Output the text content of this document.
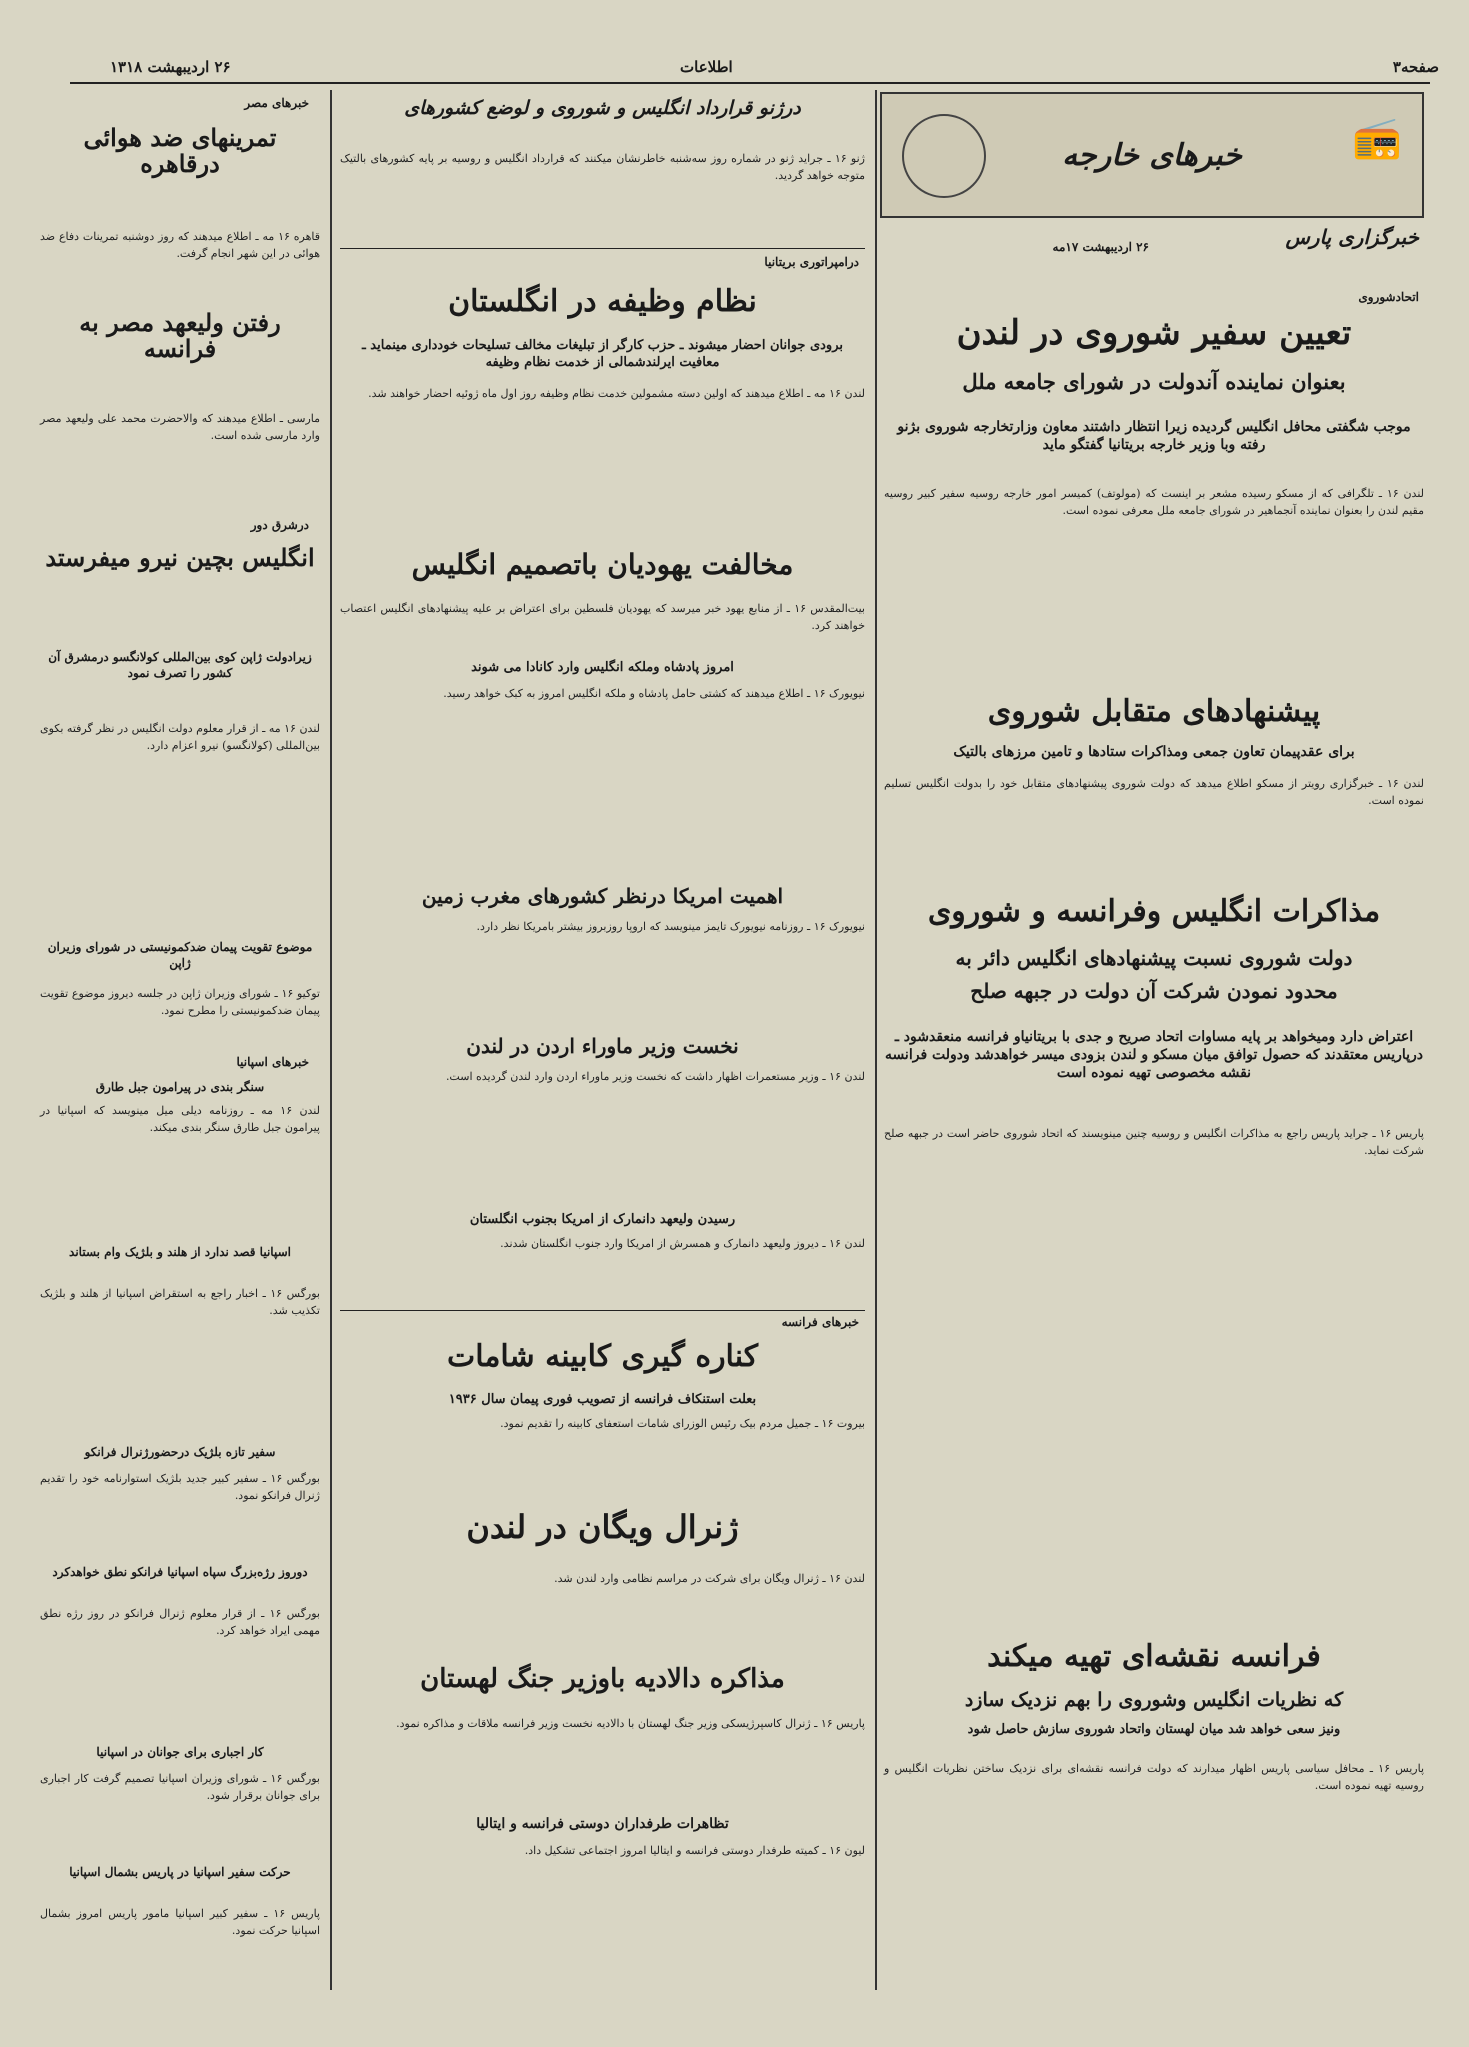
صفحه۳
اطلاعات
۲۶ اردیبهشت ۱۳۱۸
خبرهای خارجه	📻
خبرگزاری پارس
۲۶ اردیبهشت ۱۷مه
اتحادشوروی
تعیین سفیر شوروی در لندن
بعنوان نماینده آندولت در شورای جامعه ملل
موجب شگفتی محافل انگلیس گردیده زیرا انتظار داشتند معاون وزارتخارجه شوروی بژنو رفته وبا وزیر خارجه بریتانیا گفتگو ماید
لندن ۱۶ ـ تلگرافی که از مسکو رسیده مشعر بر اینست که (مولوتف) کمیسر امور خارجه روسیه سفیر کبیر روسیه مقیم لندن را بعنوان نماینده آنجماهیر در شورای جامعه ملل معرفی نموده است.
پیشنهادهای متقابل شوروی
برای عقدپیمان تعاون جمعی ومذاکرات ستادها و تامین مرزهای بالتیک
لندن ۱۶ ـ خبرگزاری رویتر از مسکو اطلاع میدهد که دولت شوروی پیشنهادهای متقابل خود را بدولت انگلیس تسلیم نموده است.
مذاکرات انگلیس وفرانسه و شوروی
دولت شوروی نسبت پیشنهادهای انگلیس دائر به
محدود نمودن شرکت آن دولت در جبهه صلح
اعتراض دارد ومیخواهد بر پایه مساوات اتحاد صریح و جدی با بریتانیاو فرانسه منعقدشود ـ درپاریس معتقدند که حصول توافق میان مسکو و لندن بزودی میسر خواهدشد ودولت فرانسه نقشه مخصوصی تهیه نموده است
پاریس ۱۶ ـ جراید پاریس راجع به مذاکرات انگلیس و روسیه چنین مینویسند که اتحاد شوروی حاضر است در جبهه صلح شرکت نماید.
فرانسه نقشه‌ای تهیه میکند
که نظریات انگلیس وشوروی را بهم نزدیک سازد
ونیز سعی خواهد شد میان لهستان واتحاد شوروی سازش حاصل شود
پاریس ۱۶ ـ محافل سیاسی پاریس اظهار میدارند که دولت فرانسه نقشه‌ای برای نزدیک ساختن نظریات انگلیس و روسیه تهیه نموده است.
درژنو قرارداد انگلیس و شوروی و لوضع کشورهای
ژنو ۱۶ ـ جراید ژنو در شماره روز سه‌شنبه خاطرنشان میکنند که قرارداد انگلیس و روسیه بر پایه کشورهای بالتیک متوجه خواهد گردید.
درامپراتوری بریتانیا
نظام وظیفه در انگلستان
برودی جوانان احضار میشوند ـ حزب کارگر از تبلیغات مخالف تسلیحات خودداری مینماید ـ معافیت ایرلندشمالی از خدمت نظام وظیفه
لندن ۱۶ مه ـ اطلاع میدهند که اولین دسته مشمولین خدمت نظام وظیفه روز اول ماه ژوئیه احضار خواهند شد.
مخالفت یهودیان باتصمیم انگلیس
بیت‌المقدس ۱۶ ـ از منابع یهود خبر میرسد که یهودیان فلسطین برای اعتراض بر علیه پیشنهادهای انگلیس اعتصاب خواهند کرد.
امروز پادشاه وملکه انگلیس وارد کانادا می شوند
نیویورک ۱۶ ـ اطلاع میدهند که کشتی حامل پادشاه و ملکه انگلیس امروز به کبک خواهد رسید.
اهمیت امریکا درنظر کشورهای مغرب زمین
نیویورک ۱۶ ـ روزنامه نیویورک تایمز مینویسد که اروپا روزبروز بیشتر بامریکا نظر دارد.
نخست وزیر ماوراء اردن در لندن
لندن ۱۶ ـ وزیر مستعمرات اظهار داشت که نخست وزیر ماوراء اردن وارد لندن گردیده است.
رسیدن ولیعهد دانمارک از امریکا بجنوب انگلستان
لندن ۱۶ ـ دیروز ولیعهد دانمارک و همسرش از امریکا وارد جنوب انگلستان شدند.
خبرهای فرانسه
کناره گیری کابینه شامات
بعلت استنکاف فرانسه از تصویب فوری پیمان سال ۱۹۳۶
بیروت ۱۶ ـ جمیل مردم بیک رئیس الوزرای شامات استعفای کابینه را تقدیم نمود.
ژنرال ویگان در لندن
لندن ۱۶ ـ ژنرال ویگان برای شرکت در مراسم نظامی وارد لندن شد.
مذاکره دالادیه باوزیر جنگ لهستان
پاریس ۱۶ ـ ژنرال کاسپرژیسکی وزیر جنگ لهستان با دالادیه نخست وزیر فرانسه ملاقات و مذاکره نمود.
تظاهرات طرفداران دوستی فرانسه و ایتالیا
لیون ۱۶ ـ کمیته طرفدار دوستی فرانسه و ایتالیا امروز اجتماعی تشکیل داد.
خبرهای مصر
تمرینهای ضد هوائی درقاهره
قاهره ۱۶ مه ـ اطلاع میدهند که روز دوشنبه تمرینات دفاع ضد هوائی در این شهر انجام گرفت.
رفتن ولیعهد مصر به فرانسه
مارسی ـ اطلاع میدهند که والاحضرت محمد علی ولیعهد مصر وارد مارسی شده است.
درشرق دور
انگلیس بچین نیرو میفرستد
زیرادولت ژاپن کوی بین‌المللی کولانگسو درمشرق آن کشور را تصرف نمود
لندن ۱۶ مه ـ از قرار معلوم دولت انگلیس در نظر گرفته بکوی بین‌المللی (کولانگسو) نیرو اعزام دارد.
موضوع تقویت پیمان ضدکمونیستی در شورای وزیران ژاپن
توکیو ۱۶ ـ شورای وزیران ژاپن در جلسه دیروز موضوع تقویت پیمان ضدکمونیستی را مطرح نمود.
خبرهای اسپانیا
سنگر بندی در پیرامون جبل طارق
لندن ۱۶ مه ـ روزنامه دیلی میل مینویسد که اسپانیا در پیرامون جبل طارق سنگر بندی میکند.
اسپانیا قصد ندارد از هلند و بلژیک وام بستاند
بورگس ۱۶ ـ اخبار راجع به استقراض اسپانیا از هلند و بلژیک تکذیب شد.
سفیر تازه بلژیک درحضورژنرال فرانکو
بورگس ۱۶ ـ سفیر کبیر جدید بلژیک استوارنامه خود را تقدیم ژنرال فرانکو نمود.
دوروز رژه‌بزرگ سپاه اسپانیا فرانکو نطق خواهدکرد
بورگس ۱۶ ـ از قرار معلوم ژنرال فرانکو در روز رژه نطق مهمی ایراد خواهد کرد.
کار اجباری برای جوانان در اسپانیا
بورگس ۱۶ ـ شورای وزیران اسپانیا تصمیم گرفت کار اجباری برای جوانان برقرار شود.
حرکت سفیر اسپانیا در پاریس بشمال اسپانیا
پاریس ۱۶ ـ سفیر کبیر اسپانیا مامور پاریس امروز بشمال اسپانیا حرکت نمود.
